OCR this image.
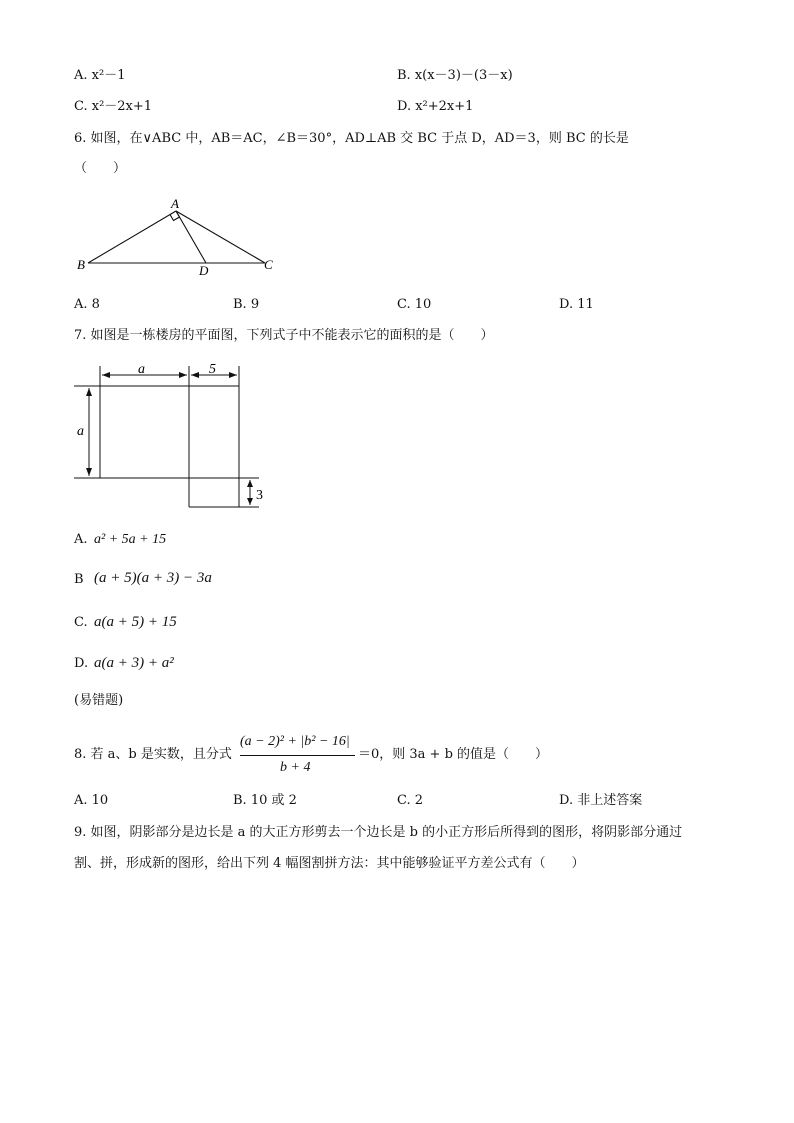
A. x²－1	B. x(x－3)－(3－x)
C. x²－2x+1	D. x²+2x+1
6. 如图，在∨ABC 中，AB＝AC，∠B＝30°，AD⊥AB 交 BC 于点 D，AD＝3，则 BC 的长是
（　　）
A
B	D	C
A. 8	B. 9	C. 10	D. 11
7. 如图是一栋楼房的平面图，下列式子中不能表示它的面积的是（　　）
a	5
a
3
A. a² + 5a + 15
B (a + 5)(a + 3) − 3a
C. a(a + 5) + 15
D. a(a + 3) + a²
(易错题)
8. 若 a、b 是实数，且分式
(a − 2)² + |b² − 16|
b + 4
＝0，则 3a + b 的值是（　　）
A. 10	B. 10 或 2	C. 2	D. 非上述答案
9. 如图，阴影部分是边长是 a 的大正方形剪去一个边长是 b 的小正方形后所得到的图形，将阴影部分通过
割、拼，形成新的图形，给出下列 4 幅图割拼方法：其中能够验证平方差公式有（　　）
